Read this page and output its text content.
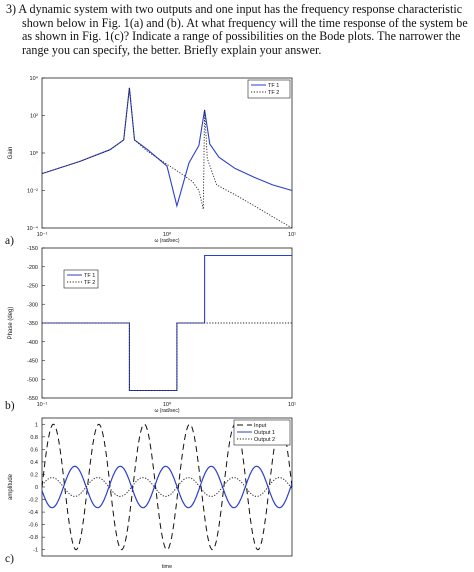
3) A dynamic system with two outputs and one input has the frequency response characteristic
shown below in Fig. 1(a) and (b). At what frequency will the time response of the system be
as shown in Fig. 1(c)? Indicate a range of possibilities on the Bode plots. The narrower the
range you can specify, the better. Briefly explain your answer.
10⁴
10²
10⁰
10⁻²
10⁻⁴
10⁻¹	10⁰	10¹
ω (rad/sec)
Gain
TF 1
TF 2
a)
-150
-200
-250
-300
-350
-400
-450
-500
-550
10⁻¹	10⁰	10¹
ω (rad/sec)
Phase (deg)
TF 1
TF 2
b)
1
0.8
0.6
0.4
0.2
0
-0.2
-0.4
-0.6
-0.8
-1
time
amplitude
Input
Output 1
Output 2
c)
